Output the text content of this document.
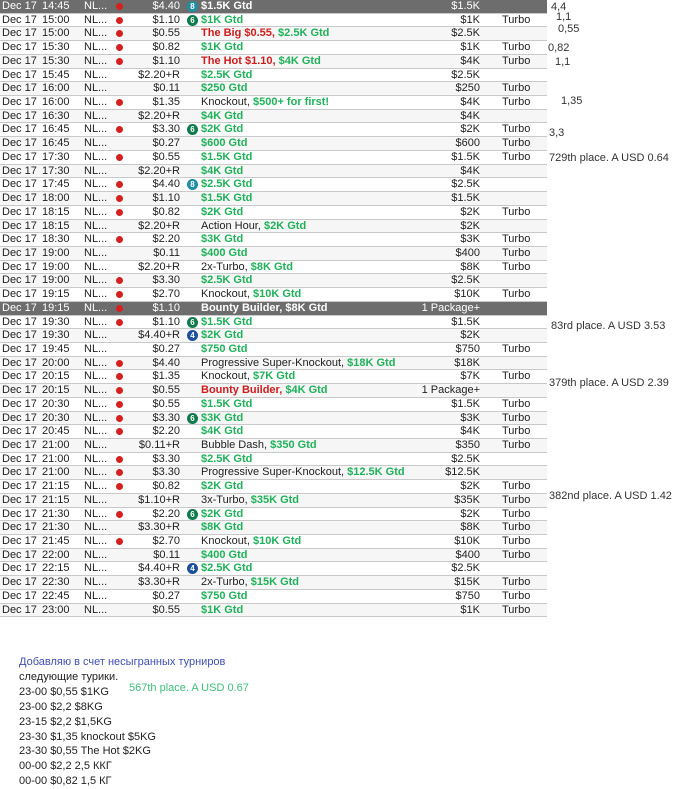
Dec 17 14:45 NL...	$4.40	8 $1.5K Gtd	$1.5K
Dec 17 15:00 NL...	$1.10	6 $1K Gtd	$1K Turbo
Dec 17 15:00 NL...	$0.55 The Big $0.55, $2.5K Gtd	$2.5K
Dec 17 15:30 NL...	$0.82 $1K Gtd	$1K Turbo
Dec 17 15:30 NL...	$1.10 The Hot $1.10, $4K Gtd	$4K Turbo
Dec 17 15:45 NL...	$2.20+R $2.5K Gtd	$2.5K
Dec 17 16:00 NL...	$0.11 $250 Gtd	$250 Turbo
Dec 17 16:00 NL...	$1.35 Knockout, $500+ for first!	$4K Turbo
Dec 17 16:30 NL...	$2.20+R $4K Gtd	$4K
Dec 17 16:45 NL...	$3.30	6 $2K Gtd	$2K Turbo
Dec 17 16:45 NL...	$0.27 $600 Gtd	$600 Turbo
Dec 17 17:30 NL...	$0.55 $1.5K Gtd	$1.5K Turbo
Dec 17 17:30 NL...	$2.20+R $4K Gtd	$4K
Dec 17 17:45 NL...	$4.40	8 $2.5K Gtd	$2.5K
Dec 17 18:00 NL...	$1.10 $1.5K Gtd	$1.5K
Dec 17 18:15 NL...	$0.82 $2K Gtd	$2K Turbo
Dec 17 18:15 NL...	$2.20+R Action Hour, $2K Gtd	$2K
Dec 17 18:30 NL...	$2.20 $3K Gtd	$3K Turbo
Dec 17 19:00 NL...	$0.11 $400 Gtd	$400 Turbo
Dec 17 19:00 NL...	$2.20+R 2x-Turbo, $8K Gtd	$8K Turbo
Dec 17 19:00 NL...	$3.30 $2.5K Gtd	$2.5K
Dec 17 19:15 NL...	$2.70 Knockout, $10K Gtd	$10K Turbo
Dec 17 19:15 NL...	$1.10 Bounty Builder, $8K Gtd	1 Package+
Dec 17 19:30 NL...	$1.10	6 $1.5K Gtd	$1.5K
Dec 17 19:30 NL...	$4.40+R	4 $2K Gtd	$2K
Dec 17 19:45 NL...	$0.27 $750 Gtd	$750 Turbo
Dec 17 20:00 NL...	$4.40 Progressive Super-Knockout, $18K Gtd	$18K
Dec 17 20:15 NL...	$1.35 Knockout, $7K Gtd	$7K Turbo
Dec 17 20:15 NL...	$0.55 Bounty Builder, $4K Gtd	1 Package+
Dec 17 20:30 NL...	$0.55 $1.5K Gtd	$1.5K Turbo
Dec 17 20:30 NL...	$3.30	6 $3K Gtd	$3K Turbo
Dec 17 20:45 NL...	$2.20 $4K Gtd	$4K Turbo
Dec 17 21:00 NL...	$0.11+R Bubble Dash, $350 Gtd	$350 Turbo
Dec 17 21:00 NL...	$3.30 $2.5K Gtd	$2.5K
Dec 17 21:00 NL...	$3.30 Progressive Super-Knockout, $12.5K Gtd	$12.5K
Dec 17 21:15 NL...	$0.82 $2K Gtd	$2K Turbo
Dec 17 21:15 NL...	$1.10+R 3x-Turbo, $35K Gtd	$35K Turbo
Dec 17 21:30 NL...	$2.20	6 $2K Gtd	$2K Turbo
Dec 17 21:30 NL...	$3.30+R $8K Gtd	$8K Turbo
Dec 17 21:45 NL...	$2.70 Knockout, $10K Gtd	$10K Turbo
Dec 17 22:00 NL...	$0.11 $400 Gtd	$400 Turbo
Dec 17 22:15 NL...	$4.40+R	4 $2.5K Gtd	$2.5K
Dec 17 22:30 NL...	$3.30+R 2x-Turbo, $15K Gtd	$15K Turbo
Dec 17 22:45 NL...	$0.27 $750 Gtd	$750 Turbo
Dec 17 23:00 NL...	$0.55 $1K Gtd	$1K Turbo
4,4
1,1
0,55
0,82
1,1
1,35
3,3
729th place. A USD 0.64
83rd place. A USD 3.53
379th place. A USD 2.39
382nd place. A USD 1.42
Добавляю в счет несыгранных турниров
следующие турики.
23-00 $0,55 $1KG
23-00 $2,2 $8KG
23-15 $2,2 $1,5KG
23-30 $1,35 knockout $5KG
23-30 $0,55 The Hot $2KG
00-00 $2,2 2,5 ККГ
00-00 $0,82 1,5 КГ
567th place. A USD 0.67
